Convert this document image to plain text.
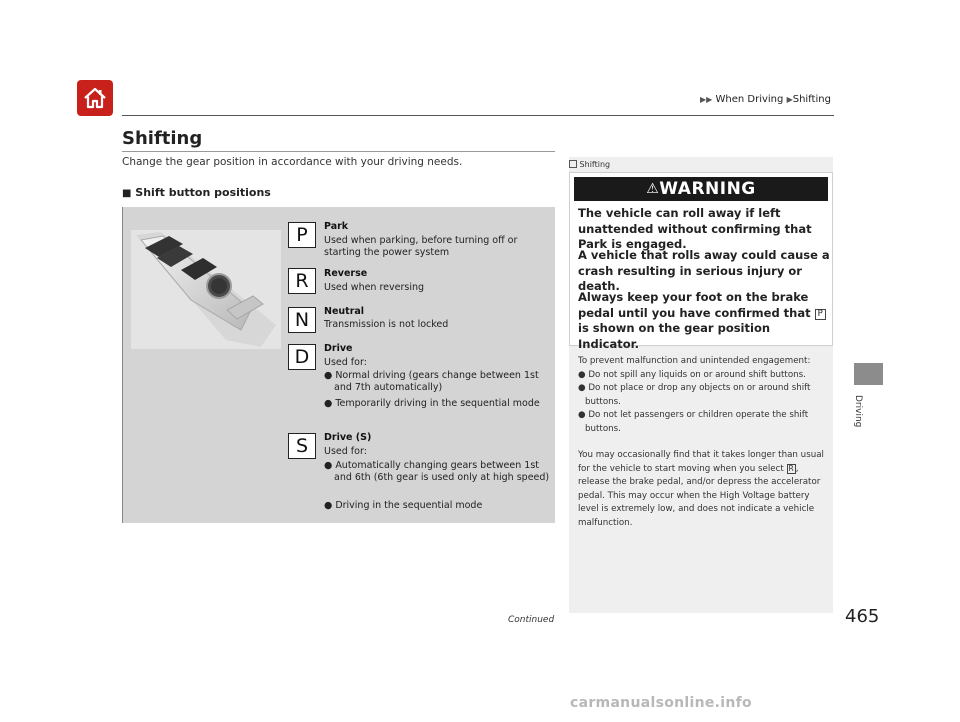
▶▶ When Driving ▶Shifting
Shifting
Change the gear position in accordance with your driving needs.
■ Shift button positions
P	Park
Used when parking, before turning off or
starting the power system
R	Reverse
Used when reversing
N	Neutral
Transmission is not locked
D	Drive
Used for:
● Normal driving (gears change between 1st and 7th automatically)
● Temporarily driving in the sequential mode
S	Drive (S)
Used for:
● Automatically changing gears between 1st and 6th (6th gear is used only at high speed)
● Driving in the sequential mode
Shifting
⚠WARNING
The vehicle can roll away if left unattended without confirming that Park is engaged.
A vehicle that rolls away could cause a crash resulting in serious injury or death.
Always keep your foot on the brake pedal until you have confirmed that P is shown on the gear position Indicator.
To prevent malfunction and unintended engagement:
● Do not spill any liquids on or around shift buttons.
● Do not place or drop any objects on or around shift buttons.
● Do not let passengers or children operate the shift buttons.
You may occasionally find that it takes longer than usual for the vehicle to start moving when you select R , release the brake pedal, and/or depress the accelerator pedal. This may occur when the High Voltage battery level is extremely low, and does not indicate a vehicle malfunction.
Driving
Continued	465
carmanualsonline.info
